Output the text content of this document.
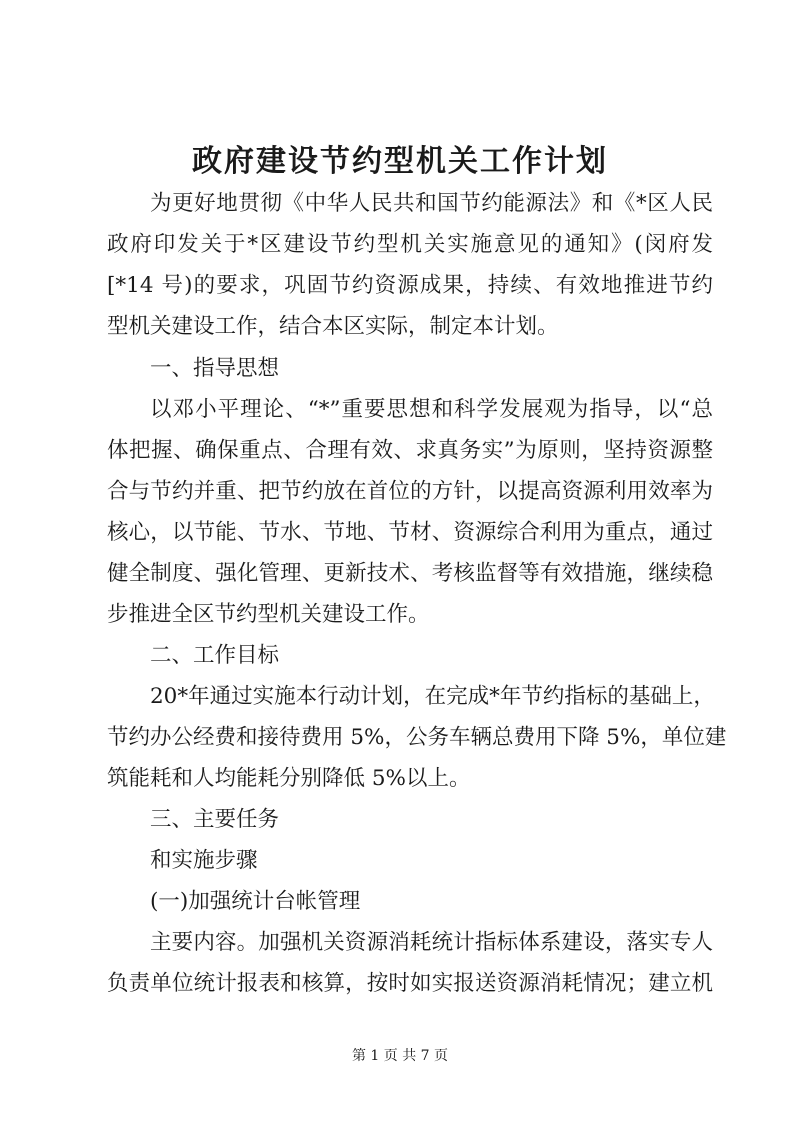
政府建设节约型机关工作计划
为更好地贯彻《中华人民共和国节约能源法》和《*区人民
政府印发关于*区建设节约型机关实施意见的通知》(闵府发
[*14 号)的要求，巩固节约资源成果，持续、有效地推进节约
型机关建设工作，结合本区实际，制定本计划。
一、指导思想
以邓小平理论、“*”重要思想和科学发展观为指导，以“总
体把握、确保重点、合理有效、求真务实”为原则，坚持资源整
合与节约并重、把节约放在首位的方针，以提高资源利用效率为
核心，以节能、节水、节地、节材、资源综合利用为重点，通过
健全制度、强化管理、更新技术、考核监督等有效措施，继续稳
步推进全区节约型机关建设工作。
二、工作目标
20*年通过实施本行动计划，在完成*年节约指标的基础上，
节约办公经费和接待费用 5%，公务车辆总费用下降 5%，单位建
筑能耗和人均能耗分别降低 5%以上。
三、主要任务
和实施步骤
(一)加强统计台帐管理
主要内容。加强机关资源消耗统计指标体系建设，落实专人
负责单位统计报表和核算，按时如实报送资源消耗情况；建立机
第 1 页 共 7 页
